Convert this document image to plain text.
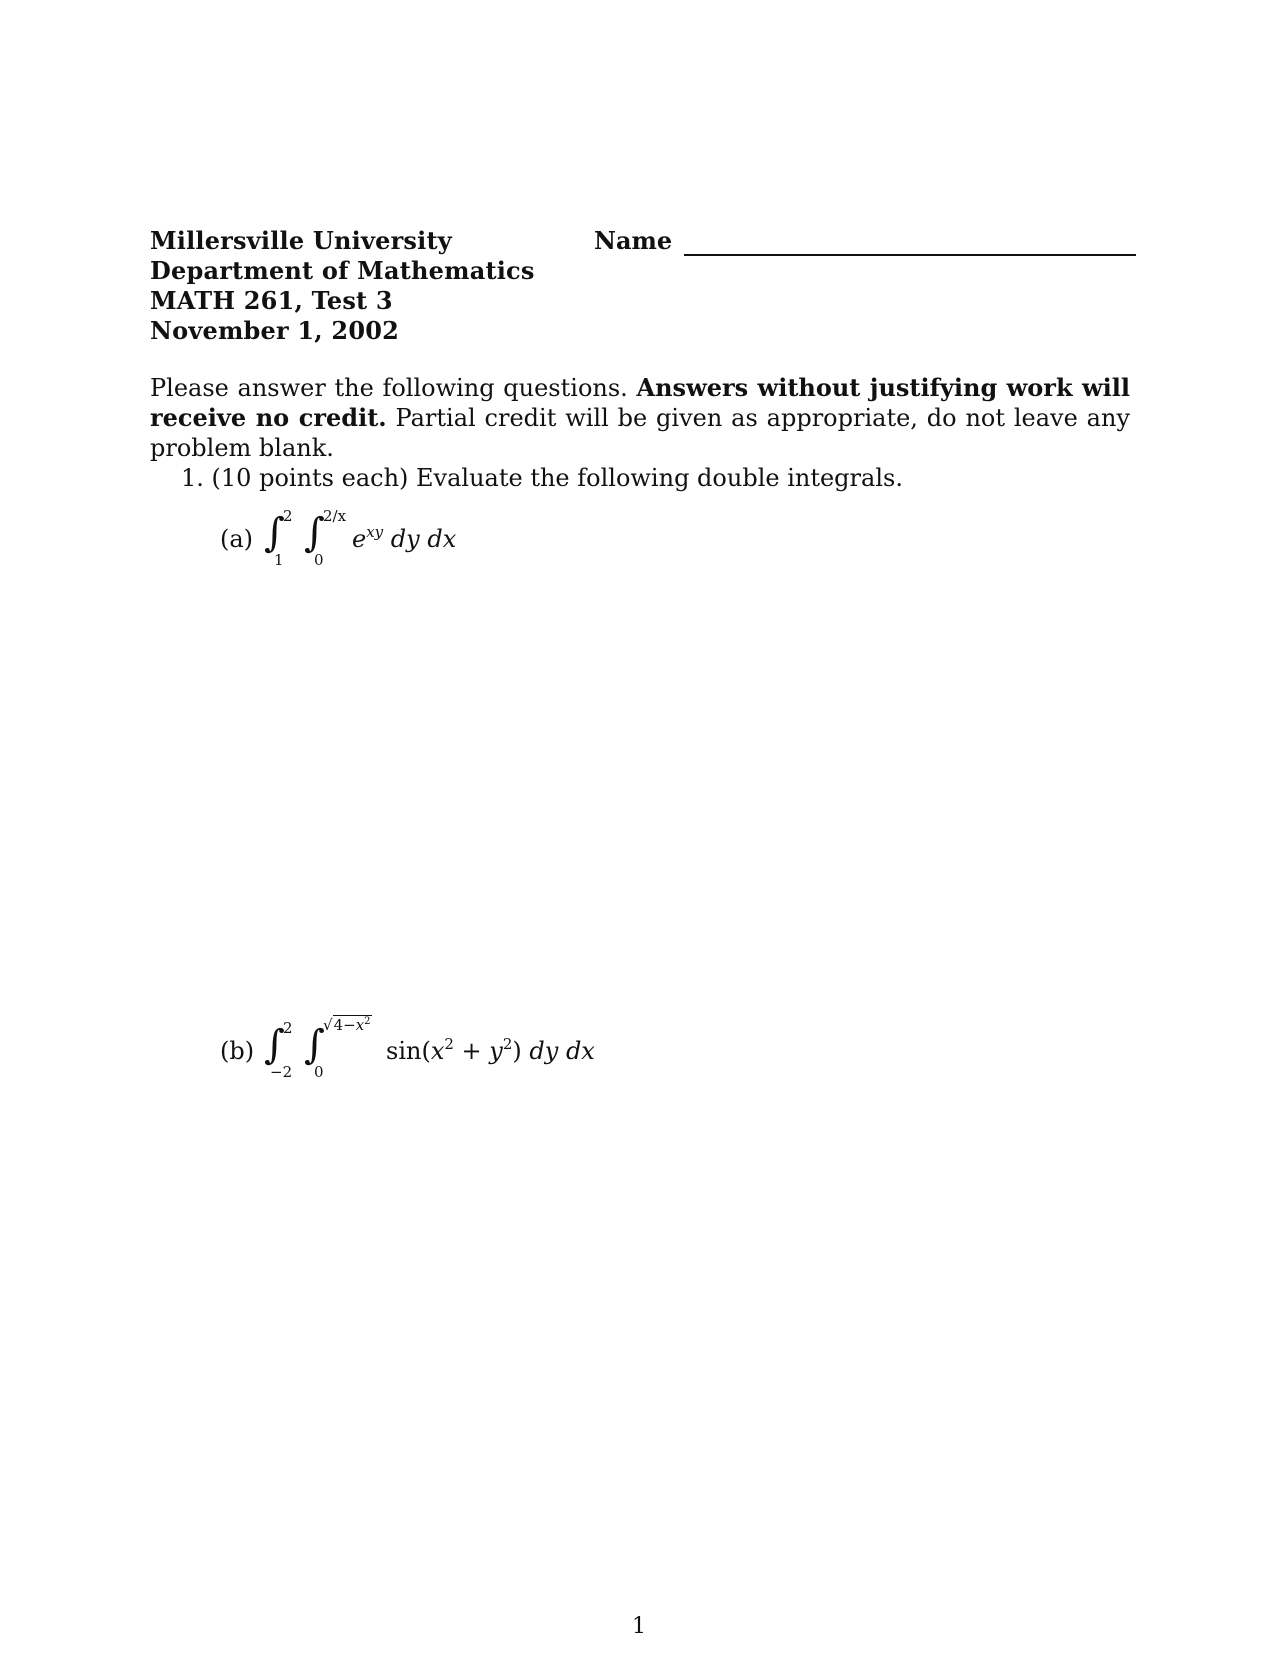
Millersville University
Department of Mathematics
MATH 261, Test 3
November 1, 2002
Name
Please answer the following questions. Answers without justifying work will receive no credit. Partial credit will be given as appropriate, do not leave any problem blank.
1. (10 points each) Evaluate the following double integrals.
(a) ∫
2
1
∫
2/x
0
$e^{xy}$ dy dx
(b) ∫
2
−2
∫
$√4-x^2$
0
$\sin(x^2 + y^2)$ dy dx
1
